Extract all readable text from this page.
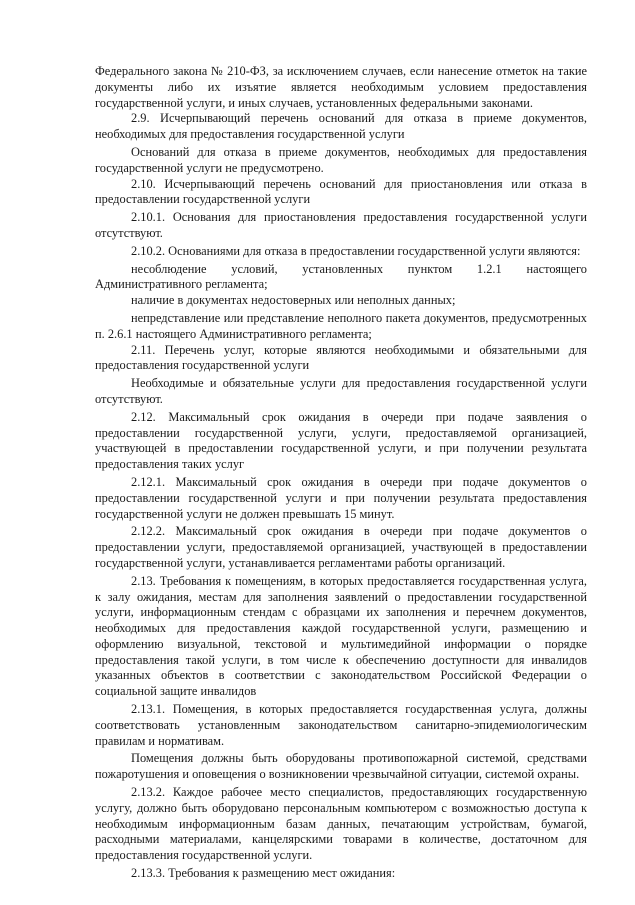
Федерального закона № 210-ФЗ, за исключением случаев, если нанесение отметок на такие документы либо их изъятие является необходимым условием предоставления государственной услуги, и иных случаев, установленных федеральными законами.

2.9. Исчерпывающий перечень оснований для отказа в приеме документов, необходимых для предоставления государственной услуги

Оснований для отказа в приеме документов, необходимых для предоставления государственной услуги не предусмотрено.

2.10. Исчерпывающий перечень оснований для приостановления или отказа в предоставлении государственной услуги

2.10.1. Основания для приостановления предоставления государственной услуги отсутствуют.

2.10.2. Основаниями для отказа в предоставлении государственной услуги являются:

несоблюдение условий, установленных пунктом 1.2.1 настоящего Административного регламента;

наличие в документах недостоверных или неполных данных;

непредставление или представление неполного пакета документов, предусмотренных п. 2.6.1 настоящего Административного регламента;

2.11. Перечень услуг, которые являются необходимыми и обязательными для предоставления государственной услуги

Необходимые и обязательные услуги для предоставления государственной услуги отсутствуют.

2.12. Максимальный срок ожидания в очереди при подаче заявления о предоставлении государственной услуги, услуги, предоставляемой организацией, участвующей в предоставлении государственной услуги, и при получении результата предоставления таких услуг

2.12.1. Максимальный срок ожидания в очереди при подаче документов о предоставлении государственной услуги и при получении результата предоставления государственной услуги не должен превышать 15 минут.

2.12.2. Максимальный срок ожидания в очереди при подаче документов о предоставлении услуги, предоставляемой организацией, участвующей в предоставлении государственной услуги, устанавливается регламентами работы организаций.

2.13. Требования к помещениям, в которых предоставляется государственная услуга, к залу ожидания, местам для заполнения заявлений о предоставлении государственной услуги, информационным стендам с образцами их заполнения и перечнем документов, необходимых для предоставления каждой государственной услуги, размещению и оформлению визуальной, текстовой и мультимедийной информации о порядке предоставления такой услуги, в том числе к обеспечению доступности для инвалидов указанных объектов в соответствии с законодательством Российской Федерации о социальной защите инвалидов

2.13.1. Помещения, в которых предоставляется государственная услуга, должны соответствовать установленным законодательством санитарно-эпидемиологическим правилам и нормативам.

Помещения должны быть оборудованы противопожарной системой, средствами пожаротушения и оповещения о возникновении чрезвычайной ситуации, системой охраны.

2.13.2. Каждое рабочее место специалистов, предоставляющих государственную услугу, должно быть оборудовано персональным компьютером с возможностью доступа к необходимым информационным базам данных, печатающим устройствам, бумагой, расходными материалами, канцелярскими товарами в количестве, достаточном для предоставления государственной услуги.

2.13.3. Требования к размещению мест ожидания:
